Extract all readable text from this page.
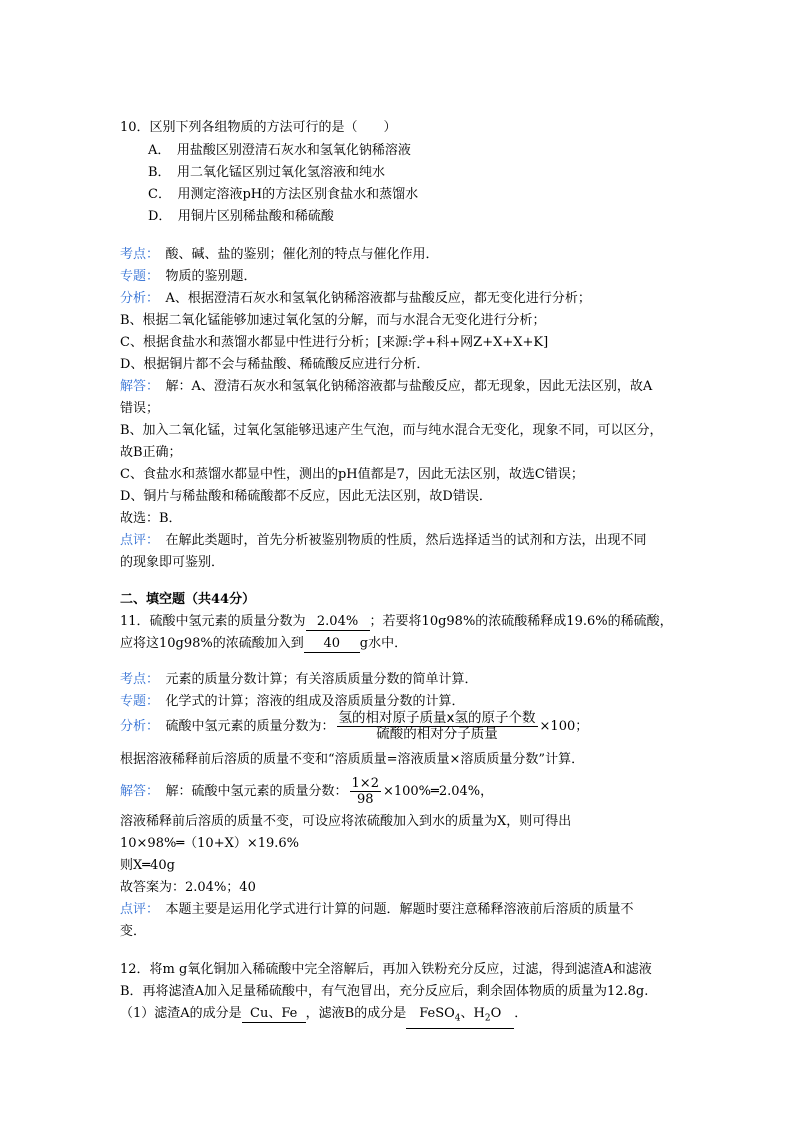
10．区别下列各组物质的方法可行的是（　　）
A．　用盐酸区别澄清石灰水和氢氧化钠稀溶液
B．　用二氧化锰区别过氧化氢溶液和纯水
C．　用测定溶液pH的方法区别食盐水和蒸馏水
D．　用铜片区别稀盐酸和稀硫酸
考点：　酸、碱、盐的鉴别；催化剂的特点与催化作用．
专题：　物质的鉴别题．
分析：　A、根据澄清石灰水和氢氧化钠稀溶液都与盐酸反应，都无变化进行分析；
B、根据二氧化锰能够加速过氧化氢的分解，而与水混合无变化进行分析；
C、根据食盐水和蒸馏水都显中性进行分析；[来源:学+科+网Z+X+X+K]
D、根据铜片都不会与稀盐酸、稀硫酸反应进行分析．
解答：　解：A、澄清石灰水和氢氧化钠稀溶液都与盐酸反应，都无现象，因此无法区别，故A
错误；
B、加入二氧化锰，过氧化氢能够迅速产生气泡，而与纯水混合无变化，现象不同，可以区分，
故B正确；
C、食盐水和蒸馏水都显中性，测出的pH值都是7，因此无法区别，故选C错误；
D、铜片与稀盐酸和稀硫酸都不反应，因此无法区别，故D错误．
故选：B．
点评：　在解此类题时，首先分析被鉴别物质的性质，然后选择适当的试剂和方法，出现不同
的现象即可鉴别．
二、填空题（共44分）
11．硫酸中氢元素的质量分数为 2.04% ；若要将10g98%的浓硫酸稀释成19.6%的稀硫酸，
应将这10g98%的浓硫酸加入到 40 g水中．
考点：　元素的质量分数计算；有关溶质质量分数的简单计算．
专题：　化学式的计算；溶液的组成及溶质质量分数的计算．
分析：　硫酸中氢元素的质量分数为： $\frac{\text{氢的相对原子质量x氢的原子个数}}{\text{硫酸的相对分子质量}} \times 100$；
根据溶液稀释前后溶质的质量不变和“溶质质量=溶液质量×溶质质量分数”计算．
解答：　解：硫酸中氢元素的质量分数： $\frac{1\times 2}{98}$ ×100%═2.04%，
溶液稀释前后溶质的质量不变，可设应将浓硫酸加入到水的质量为X，则可得出
10×98%═（10+X）×19.6%
则X═40g
故答案为：2.04%；40
点评：　本题主要是运用化学式进行计算的问题．解题时要注意稀释溶液前后溶质的质量不
变．
12．将m g氧化铜加入稀硫酸中完全溶解后，再加入铁粉充分反应，过滤，得到滤渣A和滤液
B．再将滤渣A加入足量稀硫酸中，有气泡冒出，充分反应后，剩余固体物质的质量为12.8g.
（1）滤渣A的成分是 Cu、Fe ，滤液B的成分是 FeSO$_4$、$H_2O$ ．
